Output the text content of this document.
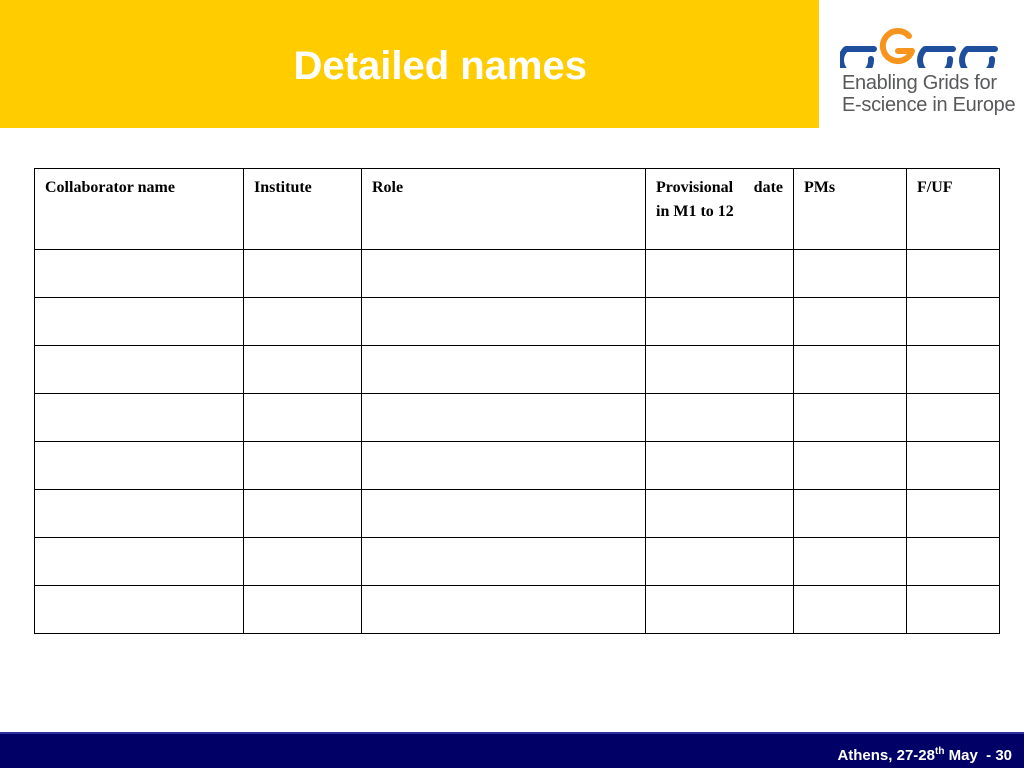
Detailed names	Enabling Grids for
E-science in Europe
Collaborator name	Institute	Role	Provisional date in M1 to 12	PMs	F/UF

Athens, 27-28th May - 30
